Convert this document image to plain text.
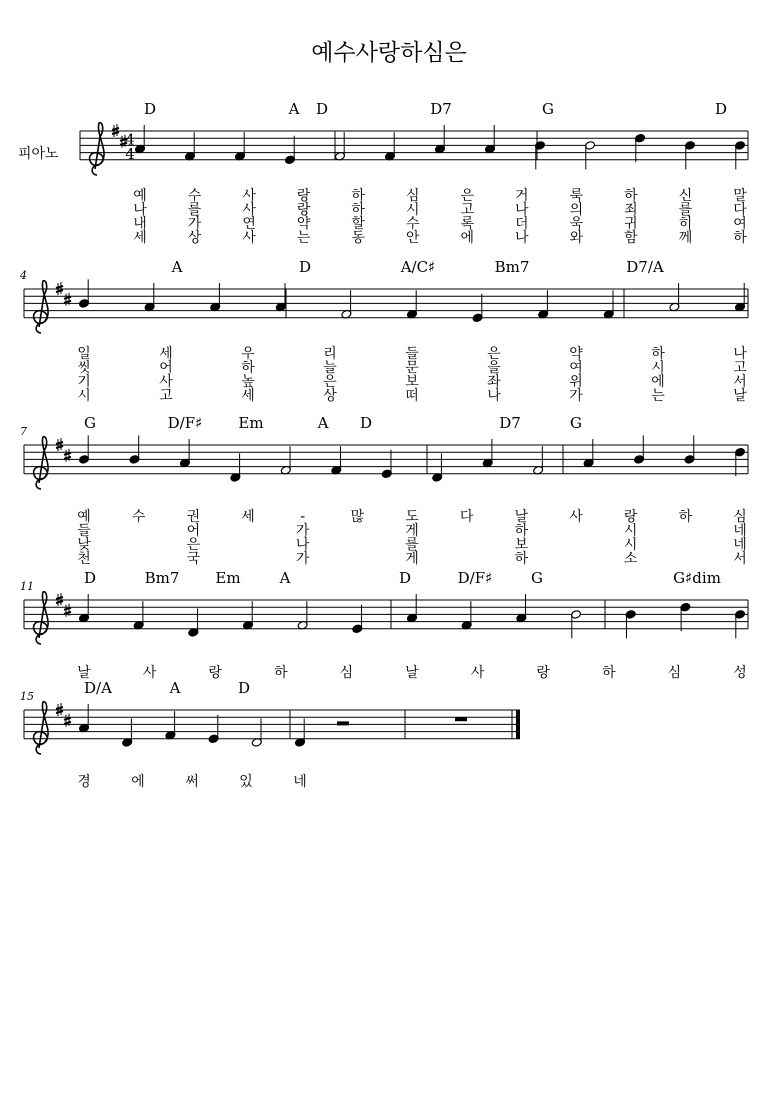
예수사랑하심은
피아노
4
4
D	A D	D7	G	D
예	수	사	랑	하	심	은	거	룩	하	신	말
나	를	사	랑	하	시	고	나	의	죄	를	다
내	가	연	약	할	수	록	더	욱	귀	히	여
세	상	사	는	동	안	에	나	와	함	께	하
4	A	D	A/C♯	Bm7	D7/A
일	세	우	리	들	은	약	하	나
씻	어	하	늘	문	을	여	시	고
기	사	높	은	보	좌	위	에	서
시	고	세	상	떠	나	가	는	날
7	G	D/F♯ Em	A D	D7	G
예	수	권	세	-	많	도	다	날	사	랑	하	심
들	어	가	게	하	시	네
낮	은	나	를	보	시	네
천	국	가	게	하	소	서
11	D	Bm7 Em	A	D	D/F♯	G	G♯dim
날	사	랑	하	심	날	사	랑	하	심	성
15	D/A	A	D
경	에	써	있	네
